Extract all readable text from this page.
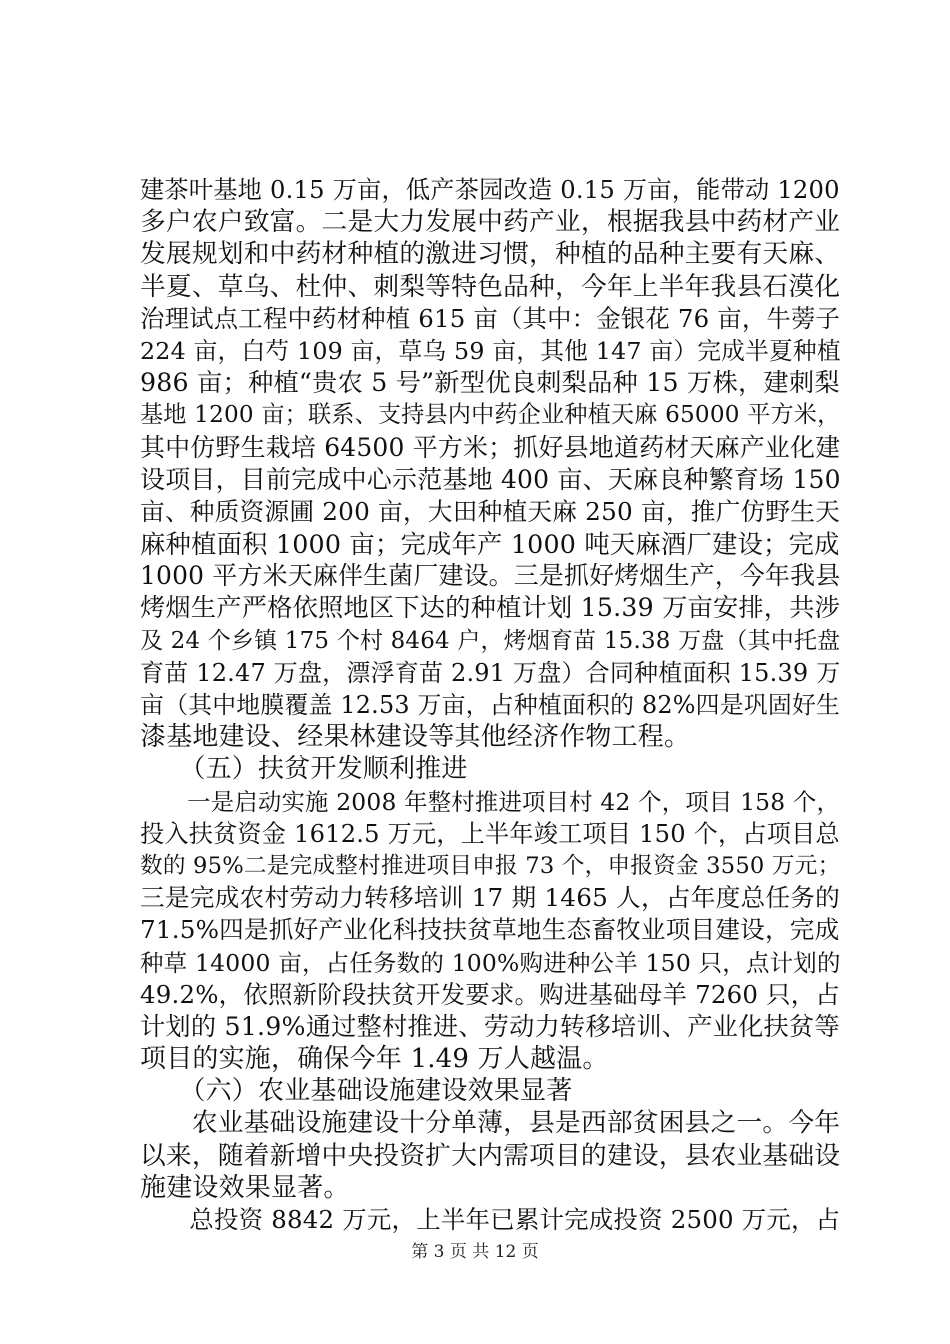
建茶叶基地 0.15 万亩，低产茶园改造 0.15 万亩，能带动 1200
多户农户致富。二是大力发展中药产业，根据我县中药材产业
发展规划和中药材种植的激进习惯，种植的品种主要有天麻、
半夏、草乌、杜仲、刺梨等特色品种，今年上半年我县石漠化
治理试点工程中药材种植 615 亩（其中：金银花 76 亩，牛蒡子
224 亩，白芍 109 亩，草乌 59 亩，其他 147 亩）完成半夏种植
986 亩；种植“贵农 5 号”新型优良刺梨品种 15 万株，建刺梨
基地 1200 亩；联系、支持县内中药企业种植天麻 65000 平方米，
其中仿野生栽培 64500 平方米；抓好县地道药材天麻产业化建
设项目，目前完成中心示范基地 400 亩、天麻良种繁育场 150
亩、种质资源圃 200 亩，大田种植天麻 250 亩，推广仿野生天
麻种植面积 1000 亩；完成年产 1000 吨天麻酒厂建设；完成
1000 平方米天麻伴生菌厂建设。三是抓好烤烟生产，今年我县
烤烟生产严格依照地区下达的种植计划 15.39 万亩安排，共涉
及 24 个乡镇 175 个村 8464 户，烤烟育苗 15.38 万盘（其中托盘
育苗 12.47 万盘，漂浮育苗 2.91 万盘）合同种植面积 15.39 万
亩（其中地膜覆盖 12.53 万亩，占种植面积的 82%四是巩固好生
漆基地建设、经果林建设等其他经济作物工程。
　　（五）扶贫开发顺利推进
　　一是启动实施 2008 年整村推进项目村 42 个，项目 158 个，
投入扶贫资金 1612.5 万元，上半年竣工项目 150 个，占项目总
数的 95%二是完成整村推进项目申报 73 个，申报资金 3550 万元；
三是完成农村劳动力转移培训 17 期 1465 人，占年度总任务的
71.5%四是抓好产业化科技扶贫草地生态畜牧业项目建设，完成
种草 14000 亩，占任务数的 100%购进种公羊 150 只，点计划的
49.2%，依照新阶段扶贫开发要求。购进基础母羊 7260 只，占
计划的 51.9%通过整村推进、劳动力转移培训、产业化扶贫等
项目的实施，确保今年 1.49 万人越温。
　　（六）农业基础设施建设效果显著
　　农业基础设施建设十分单薄，县是西部贫困县之一。今年
以来，随着新增中央投资扩大内需项目的建设，县农业基础设
施建设效果显著。
　　总投资 8842 万元，上半年已累计完成投资 2500 万元，占
第 3 页 共 12 页
